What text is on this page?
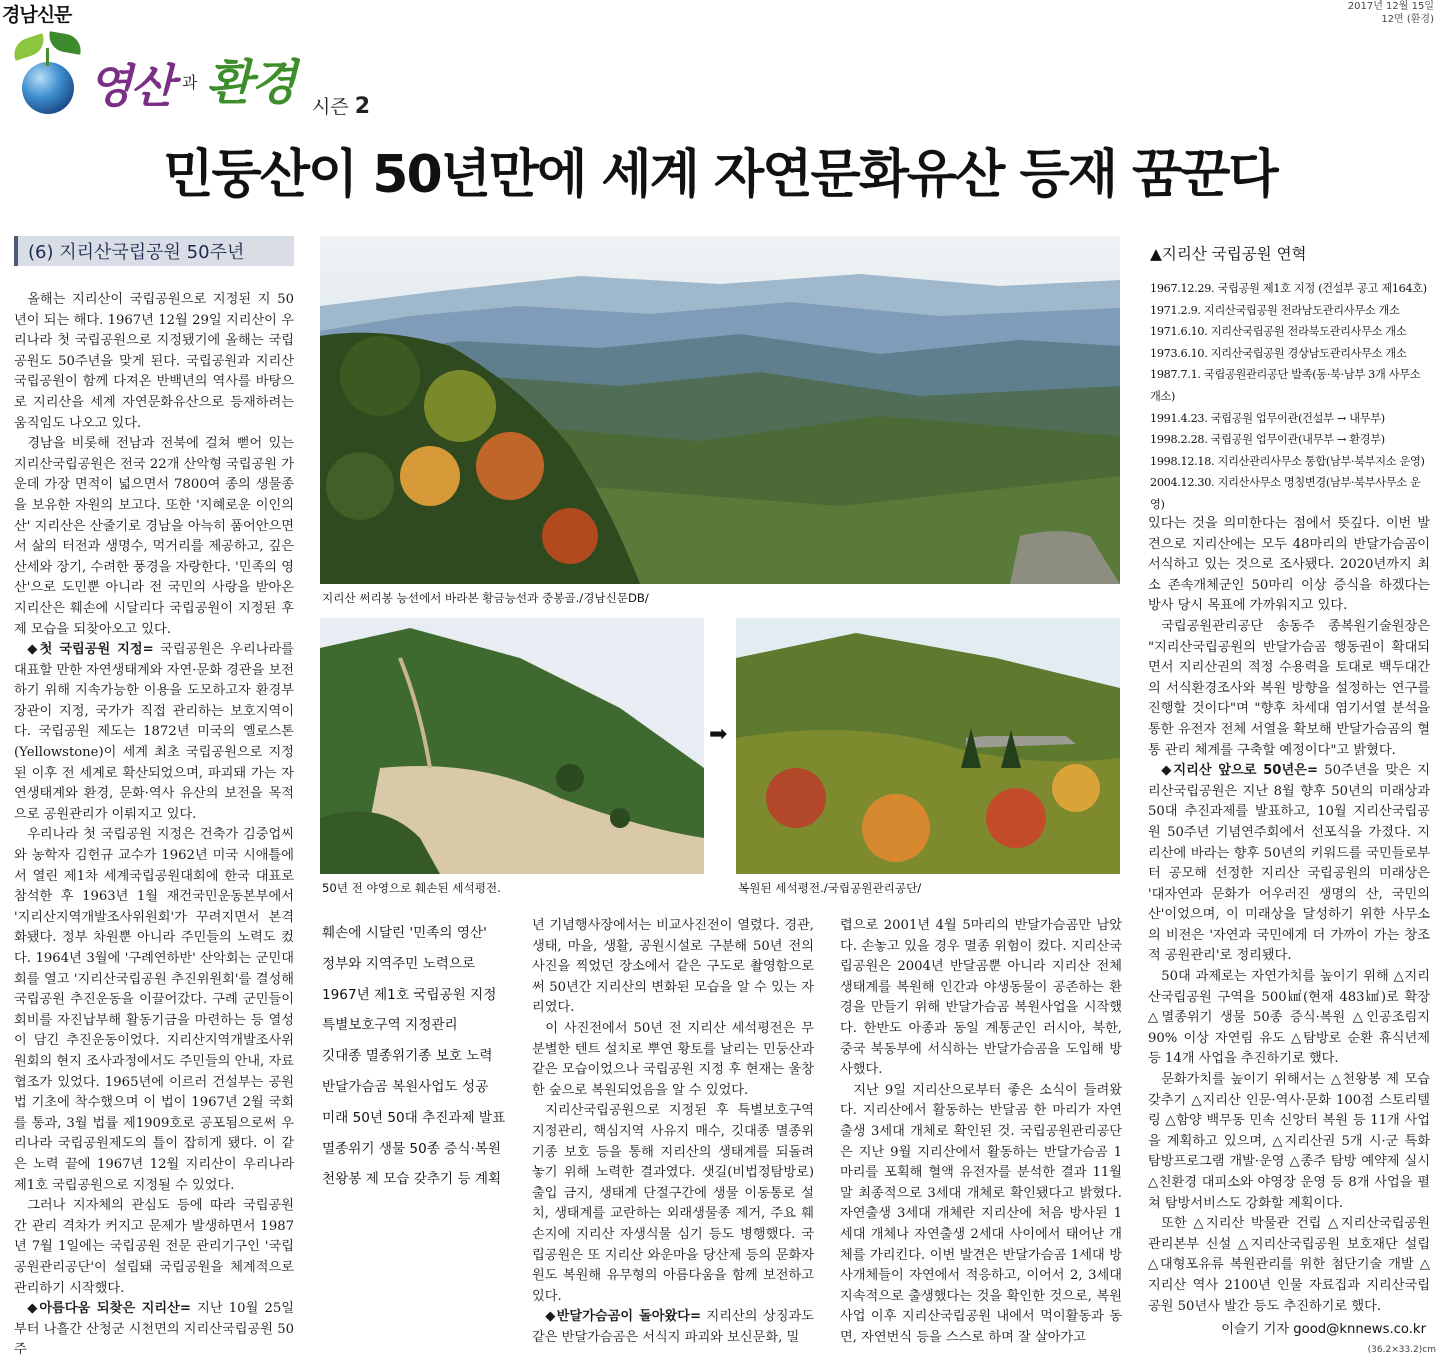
경남신문	2017년 12월 15일
12면 (환경)
영산 과 환경 시즌 2
민둥산이 50년만에 세계 자연문화유산 등재 꿈꾼다
(6) 지리산국립공원 50주년

올해는 지리산이 국립공원으로 지정된 지 50년이 되는 해다. 1967년 12월 29일 지리산이 우리나라 첫 국립공원으로 지정됐기에 올해는 국립공원도 50주년을 맞게 된다. 국립공원과 지리산국립공원이 함께 다져온 반백년의 역사를 바탕으로 지리산을 세계 자연문화유산으로 등재하려는 움직임도 나오고 있다.

경남을 비롯해 전남과 전북에 걸쳐 뻗어 있는 지리산국립공원은 전국 22개 산악형 국립공원 가운데 가장 면적이 넓으면서 7800여 종의 생물종을 보유한 자원의 보고다. 또한 '지혜로운 이인의 산' 지리산은 산줄기로 경남을 아늑히 품어안으면서 삶의 터전과 생명수, 먹거리를 제공하고, 깊은 산세와 장기, 수려한 풍경을 자랑한다. '민족의 영산'으로 도민뿐 아니라 전 국민의 사랑을 받아온 지리산은 훼손에 시달리다 국립공원이 지정된 후 제 모습을 되찾아오고 있다.

◆첫 국립공원 지정= 국립공원은 우리나라를 대표할 만한 자연생태계와 자연·문화 경관을 보전하기 위해 지속가능한 이용을 도모하고자 환경부장관이 지정, 국가가 직접 관리하는 보호지역이다. 국립공원 제도는 1872년 미국의 옐로스톤(Yellowstone)이 세계 최초 국립공원으로 지정된 이후 전 세계로 확산되었으며, 파괴돼 가는 자연생태계와 환경, 문화·역사 유산의 보전을 목적으로 공원관리가 이뤄지고 있다.

우리나라 첫 국립공원 지정은 건축가 김중업씨와 농학자 김헌규 교수가 1962년 미국 시애틀에서 열린 제1차 세계국립공원대회에 한국 대표로 참석한 후 1963년 1월 재건국민운동본부에서 '지리산지역개발조사위원회'가 꾸려지면서 본격화됐다. 정부 차원뿐 아니라 주민들의 노력도 컸다. 1964년 3월에 '구례연하반' 산악회는 군민대회를 열고 '지리산국립공원 추진위원회'를 결성해 국립공원 추진운동을 이끌어갔다. 구례 군민들이 회비를 자진납부해 활동기금을 마련하는 등 열성이 담긴 추진운동이었다. 지리산지역개발조사위원회의 현지 조사과정에서도 주민들의 안내, 자료협조가 있었다. 1965년에 이르러 건설부는 공원법 기초에 착수했으며 이 법이 1967년 2월 국회를 통과, 3월 법률 제1909호로 공포됨으로써 우리나라 국립공원제도의 틀이 잡히게 됐다. 이 같은 노력 끝에 1967년 12월 지리산이 우리나라 제1호 국립공원으로 지정될 수 있었다.

그러나 지자체의 관심도 등에 따라 국립공원 간 관리 격차가 커지고 문제가 발생하면서 1987년 7월 1일에는 국립공원 전문 관리기구인 '국립공원관리공단'이 설립돼 국립공원을 체계적으로 관리하기 시작했다.

◆아름다움 되찾은 지리산= 지난 10월 25일부터 나흘간 산청군 시천면의 지리산국립공원 50주

지리산 써리봉 능선에서 바라본 황금능선과 중봉골./경남신문DB/
50년 전 야영으로 훼손된 세석평전.
➡
복원된 세석평전./국립공원관리공단/
훼손에 시달린 '민족의 영산'
정부와 지역주민 노력으로
1967년 제1호 국립공원 지정
특별보호구역 지정관리
깃대종 멸종위기종 보호 노력
반달가슴곰 복원사업도 성공
미래 50년 50대 추진과제 발표
멸종위기 생물 50종 증식·복원
천왕봉 제 모습 갖추기 등 계획

년 기념행사장에서는 비교사진전이 열렸다. 경관, 생태, 마을, 생활, 공원시설로 구분해 50년 전의 사진을 찍었던 장소에서 같은 구도로 촬영함으로써 50년간 지리산의 변화된 모습을 알 수 있는 자리였다.

이 사진전에서 50년 전 지리산 세석평전은 무분별한 텐트 설치로 뿌연 황토를 날리는 민둥산과 같은 모습이었으나 국립공원 지정 후 현재는 울창한 숲으로 복원되었음을 알 수 있었다.

지리산국립공원으로 지정된 후 특별보호구역 지정관리, 핵심지역 사유지 매수, 깃대종 멸종위기종 보호 등을 통해 지리산의 생태계를 되돌려 놓기 위해 노력한 결과였다. 샛길(비법정탐방로) 출입 금지, 생태계 단절구간에 생물 이동통로 설치, 생태계를 교란하는 외래생물종 제거, 주요 훼손지에 지리산 자생식물 심기 등도 병행했다. 국립공원은 또 지리산 와운마을 당산제 등의 문화자원도 복원해 유무형의 아름다움을 함께 보전하고 있다.

◆반달가슴곰이 돌아왔다= 지리산의 상징과도 같은 반달가슴곰은 서식지 파괴와 보신문화, 밀

렵으로 2001년 4월 5마리의 반달가슴곰만 남았다. 손놓고 있을 경우 멸종 위험이 컸다. 지리산국립공원은 2004년 반달곰뿐 아니라 지리산 전체 생태계를 복원해 인간과 야생동물이 공존하는 환경을 만들기 위해 반달가슴곰 복원사업을 시작했다. 한반도 아종과 동일 계통군인 러시아, 북한, 중국 북동부에 서식하는 반달가슴곰을 도입해 방사했다.

지난 9일 지리산으로부터 좋은 소식이 들려왔다. 지리산에서 활동하는 반달곰 한 마리가 자연출생 3세대 개체로 확인된 것. 국립공원관리공단은 지난 9월 지리산에서 활동하는 반달가슴곰 1마리를 포획해 혈액 유전자를 분석한 결과 11월 말 최종적으로 3세대 개체로 확인됐다고 밝혔다. 자연출생 3세대 개체란 지리산에 처음 방사된 1세대 개체나 자연출생 2세대 사이에서 태어난 개체를 가리킨다. 이번 발견은 반달가슴곰 1세대 방사개체들이 자연에서 적응하고, 이어서 2, 3세대 지속적으로 출생했다는 것을 확인한 것으로, 복원사업 이후 지리산국립공원 내에서 먹이활동과 동면, 자연번식 등을 스스로 하며 잘 살아가고

▲지리산 국립공원 연혁
1967.12.29. 국립공원 제1호 지정 (건설부 공고 제164호)
1971.2.9. 지리산국립공원 전라남도관리사무소 개소
1971.6.10. 지리산국립공원 전라북도관리사무소 개소
1973.6.10. 지리산국립공원 경상남도관리사무소 개소
1987.7.1. 국립공원관리공단 발족(동·북·남부 3개 사무소 개소)
1991.4.23. 국립공원 업무이관(건설부 → 내무부)
1998.2.28. 국립공원 업무이관(내무부 → 환경부)
1998.12.18. 지리산관리사무소 통합(남부·북부지소 운영)
2004.12.30. 지리산사무소 명칭변경(남부·북부사무소 운영)

있다는 것을 의미한다는 점에서 뜻깊다. 이번 발견으로 지리산에는 모두 48마리의 반달가슴곰이 서식하고 있는 것으로 조사됐다. 2020년까지 최소 존속개체군인 50마리 이상 증식을 하겠다는 방사 당시 목표에 가까워지고 있다.

국립공원관리공단 송동주 종복원기술원장은 "지리산국립공원의 반달가슴곰 행동권이 확대되면서 지리산권의 적정 수용력을 토대로 백두대간의 서식환경조사와 복원 방향을 설정하는 연구를 진행할 것이다"며 "향후 차세대 염기서열 분석을 통한 유전자 전체 서열을 확보해 반달가슴곰의 혈통 관리 체계를 구축할 예정이다"고 밝혔다.

◆지리산 앞으로 50년은= 50주년을 맞은 지리산국립공원은 지난 8월 향후 50년의 미래상과 50대 추진과제를 발표하고, 10월 지리산국립공원 50주년 기념연주회에서 선포식을 가졌다. 지리산에 바라는 향후 50년의 키워드를 국민들로부터 공모해 선정한 지리산 국립공원의 미래상은 '대자연과 문화가 어우러진 생명의 산, 국민의 산'이었으며, 이 미래상을 달성하기 위한 사무소의 비전은 '자연과 국민에게 더 가까이 가는 창조적 공원관리'로 정리됐다.

50대 과제로는 자연가치를 높이기 위해 △지리산국립공원 구역을 500㎢(현재 483㎢)로 확장 △멸종위기 생물 50종 증식·복원 △인공조림지 90% 이상 자연림 유도 △탐방로 순환 휴식년제 등 14개 사업을 추진하기로 했다.

문화가치를 높이기 위해서는 △천왕봉 제 모습 갖추기 △지리산 인문·역사·문화 100점 스토리텔링 △함양 백무동 민속 신앙터 복원 등 11개 사업을 계획하고 있으며, △지리산권 5개 시·군 특화 탐방프로그램 개발·운영 △종주 탐방 예약제 실시 △친환경 대피소와 야영장 운영 등 8개 사업을 펼쳐 탐방서비스도 강화할 계획이다.

또한 △지리산 박물관 건립 △지리산국립공원 관리본부 신설 △지리산국립공원 보호재단 설립 △대형포유류 복원관리를 위한 첨단기술 개발 △지리산 역사 2100년 인물 자료집과 지리산국립공원 50년사 발간 등도 추진하기로 했다.

이슬기 기자 good@knnews.co.kr
(36.2×33.2)cm
